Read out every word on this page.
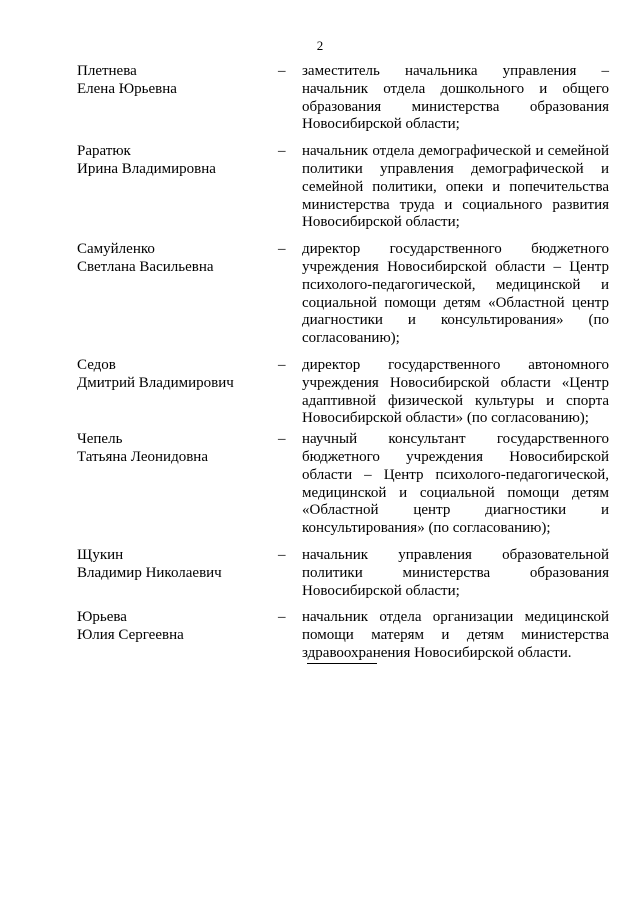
2
Плетнева
Елена Юрьевна
–	заместитель начальника управления – начальник отдела дошкольного и общего образования министерства образования Новосибирской области;
Раратюк
Ирина Владимировна
–	начальник отдела демографической и семейной политики управления демографической и семейной политики, опеки и попечительства министерства труда и социального развития Новосибирской области;
Самуйленко
Светлана Васильевна
–	директор государственного бюджетного учреждения Новосибирской области – Центр психолого-педагогической, медицинской и социальной помощи детям «Областной центр диагностики и консультирования» (по согласованию);
Седов
Дмитрий Владимирович
–	директор государственного автономного учреждения Новосибирской области «Центр адаптивной физической культуры и спорта Новосибирской области» (по согласованию);
Чепель
Татьяна Леонидовна
–	научный консультант государственного бюджетного учреждения Новосибирской области – Центр психолого-педагогической, медицинской и социальной помощи детям «Областной центр диагностики и консультирования» (по согласованию);
Щукин
Владимир Николаевич
–	начальник управления образовательной политики министерства образования Новосибирской области;
Юрьева
Юлия Сергеевна
–	начальник отдела организации медицинской помощи матерям и детям министерства здравоохранения Новосибирской области.
